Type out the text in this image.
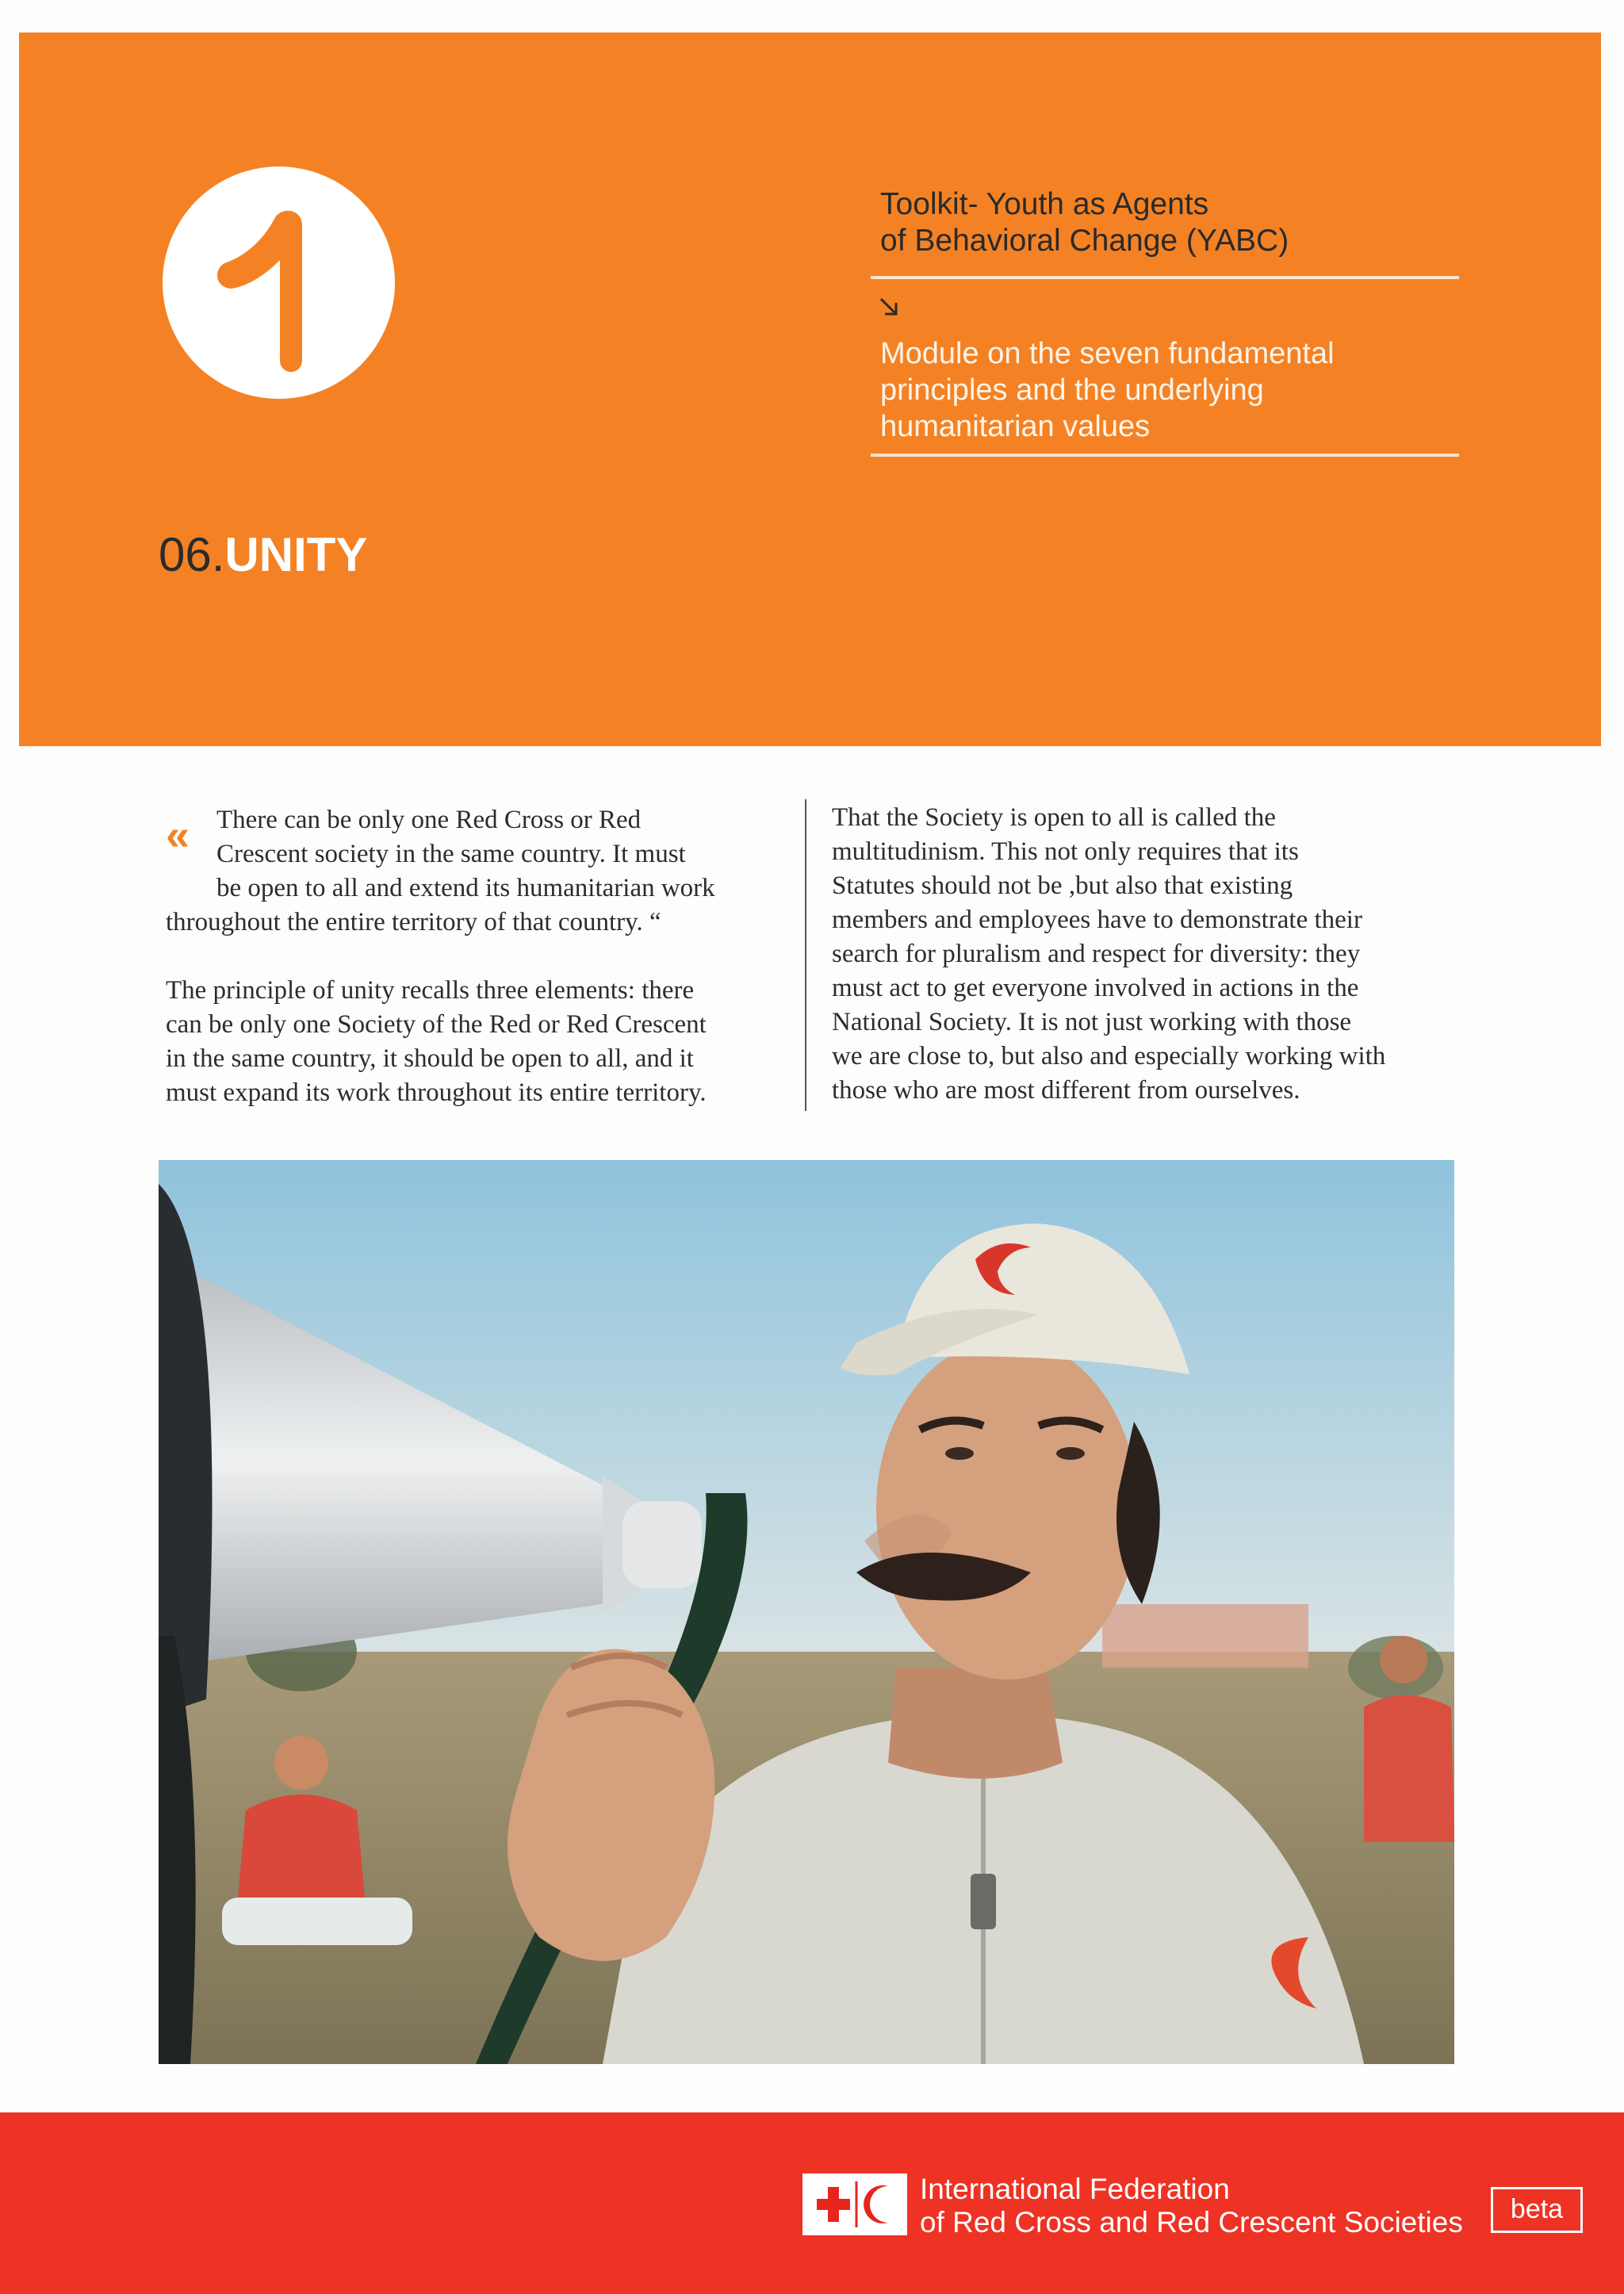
Toolkit- Youth as Agents
of Behavioral Change (YABC)
Module on the seven fundamental
principles and the underlying
humanitarian values
06.UNITY
«	There can be only one Red Cross or Red
Crescent society in the same country. It must
be open to all and extend its humanitarian work
throughout the entire territory of that country. “
The principle of unity recalls three elements: there
can be only one Society of the Red or Red Crescent
in the same country, it should be open to all, and it
must expand its work throughout its entire territory.
That the Society is open to all is called the
multitudinism. This not only requires that its
Statutes should not be ,but also that existing
members and employees have to demonstrate their
search for pluralism and respect for diversity: they
must act to get everyone involved in actions in the
National Society. It is not just working with those
we are close to, but also and especially working with
those who are most different from ourselves.
International Federation
of Red Cross and Red Crescent Societies	beta
